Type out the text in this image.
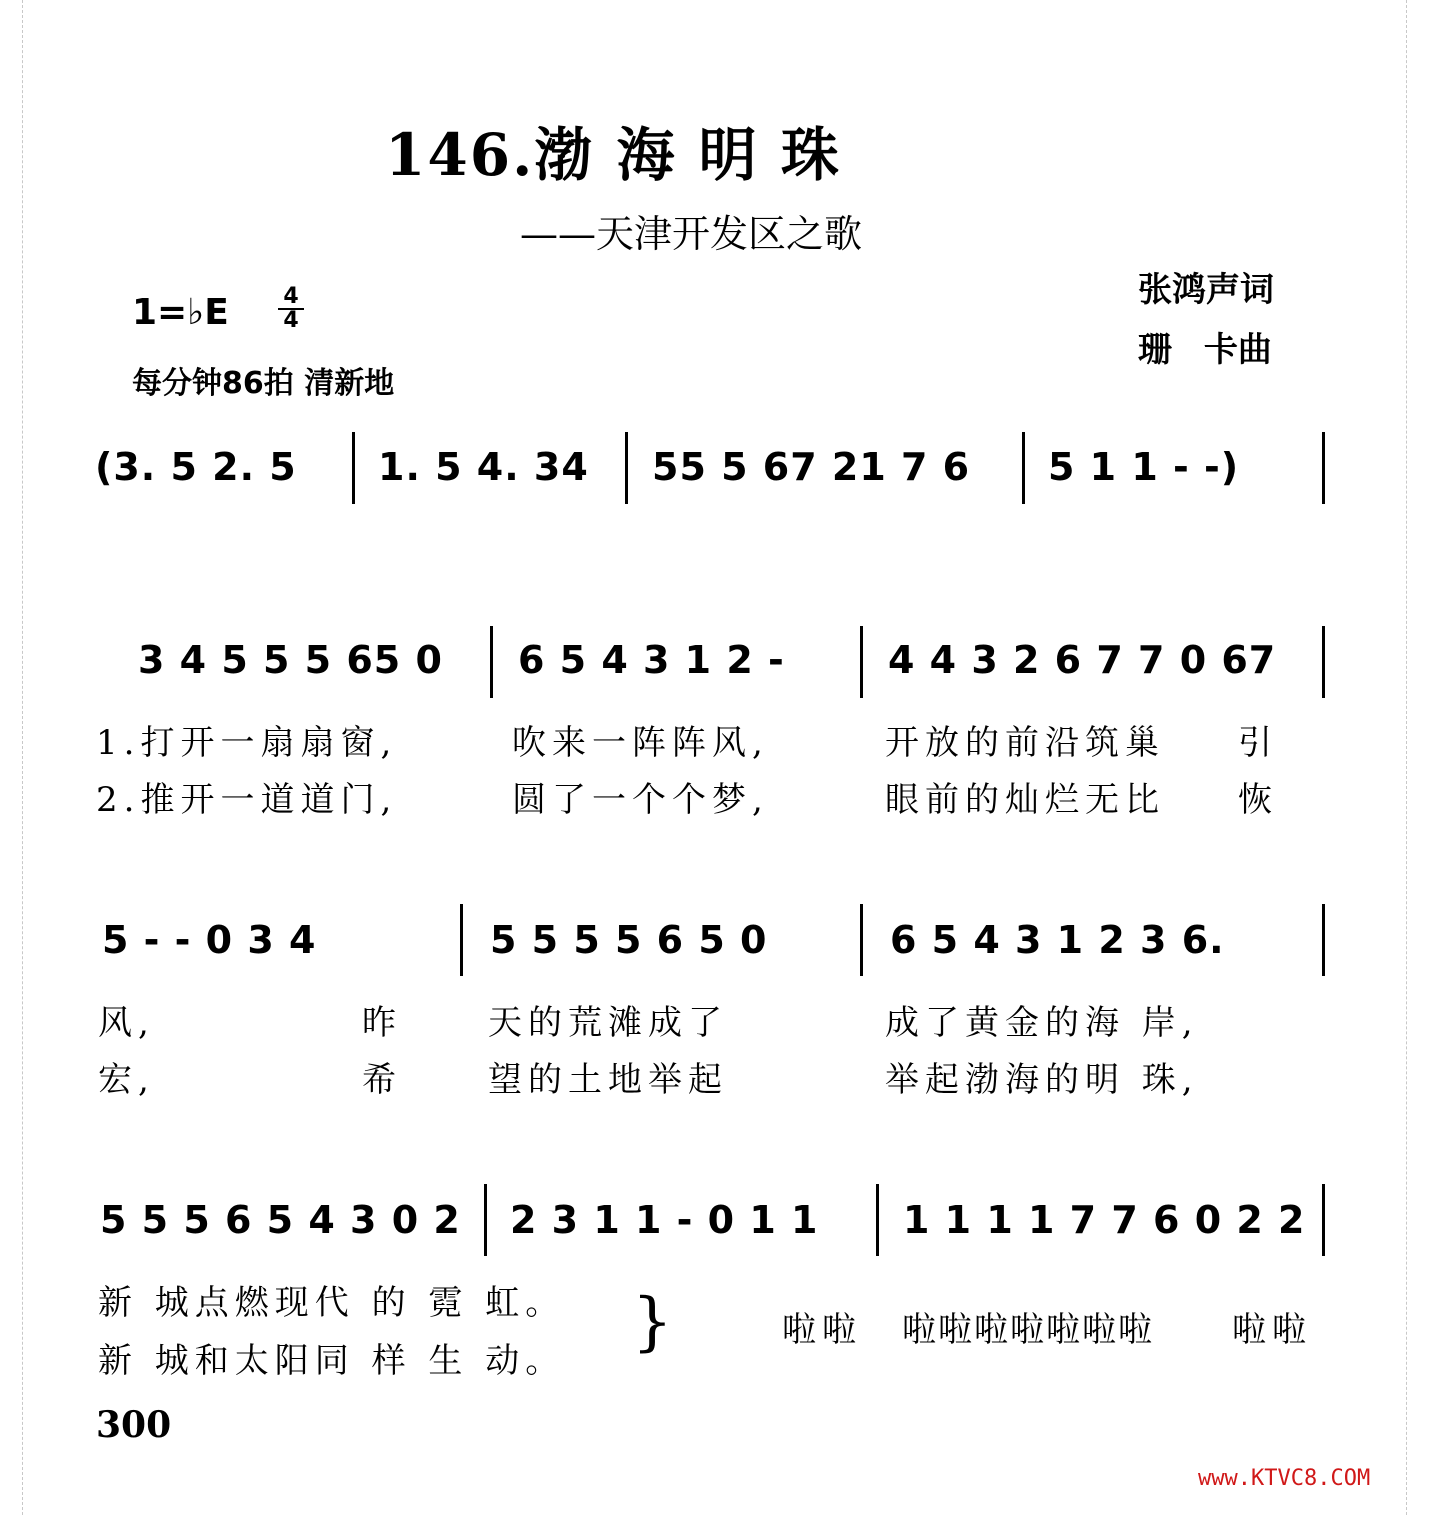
146.渤 海 明 珠
——天津开发区之歌
张鸿声词
珊 卡曲
1=♭E $\frac{4}{4}$
每分钟86拍 清新地
(3. 5 2. 5 1. 5 4. 34 55 5 67 21 7 6 5 1 1 - -)
3 4 5 5 5 65 0 6 5 4 3 1 2 -	4 4 3 2 6 7 7 0 67
1.打开一扇扇窗,	吹来一阵阵风,	开放的前沿筑巢 引
2.推开一道道门,	圆了一个个梦,	眼前的灿烂无比 恢
5 - - 0 3 4	5 5 5 5 6 5 0	6 5 4 3 1 2 3 6.
风,	昨	天的荒滩成了	成了黄金的海 岸,
宏,	希	望的土地举起	举起渤海的明 珠,
5 5 5 6 5 4 3 0 2 2 3 1 1 - 0 1 1 1 1 1 1 7 7 6 0 2 2
新 城点燃现代 的 霓 虹。
新 城和太阳同 样 生 动。
}	啦啦 啦啦啦啦啦啦啦 啦啦
300
www.KTVC8.COM
